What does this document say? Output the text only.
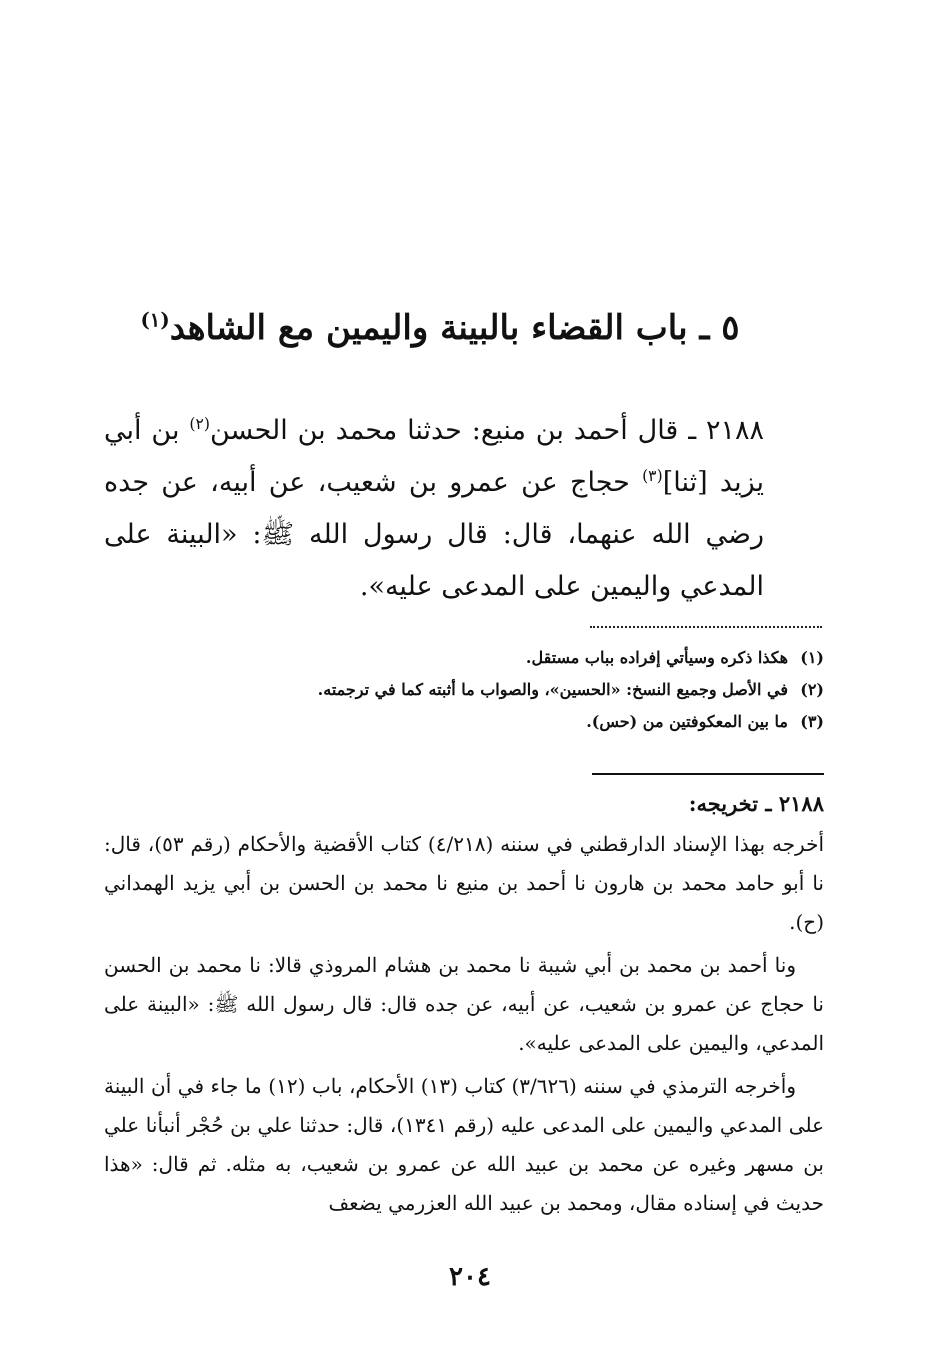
٥ ـ باب القضاء بالبينة واليمين مع الشاهد$^{(١)}$

٢١٨٨ ـ قال أحمد بن منيع: حدثنا محمد بن الحسن$^{(٢)}$ بن أبي يزيد [ثنا]$^{(٣)}$ حجاج عن عمرو بن شعيب، عن أبيه، عن جده رضي الله عنهما، قال: قال رسول الله ﷺ: «البينة على المدعي واليمين على المدعى عليه».

(١)
هكذا ذكره وسيأتي إفراده بباب مستقل.
(٢)
في الأصل وجميع النسخ: «الحسين»، والصواب ما أثبته كما في ترجمته.
(٣)
ما بين المعكوفتين من (حس).
٢١٨٨ ـ تخريجه:

أخرجه بهذا الإسناد الدارقطني في سننه (٤/٢١٨) كتاب الأقضية والأحكام (رقم ٥٣)، قال: نا أبو حامد محمد بن هارون نا أحمد بن منيع نا محمد بن الحسن بن أبي يزيد الهمداني (ح).

ونا أحمد بن محمد بن أبي شيبة نا محمد بن هشام المروذي قالا: نا محمد بن الحسن نا حجاج عن عمرو بن شعيب، عن أبيه، عن جده قال: قال رسول الله ﷺ: «البينة على المدعي، واليمين على المدعى عليه».

وأخرجه الترمذي في سننه (٣/٦٢٦) كتاب (١٣) الأحكام، باب (١٢) ما جاء في أن البينة على المدعي واليمين على المدعى عليه (رقم ١٣٤١)، قال: حدثنا علي بن حُجْر أنبأنا علي بن مسهر وغيره عن محمد بن عبيد الله عن عمرو بن شعيب، به مثله. ثم قال: «هذا حديث في إسناده مقال، ومحمد بن عبيد الله العزرمي يضعف

٢٠٤
